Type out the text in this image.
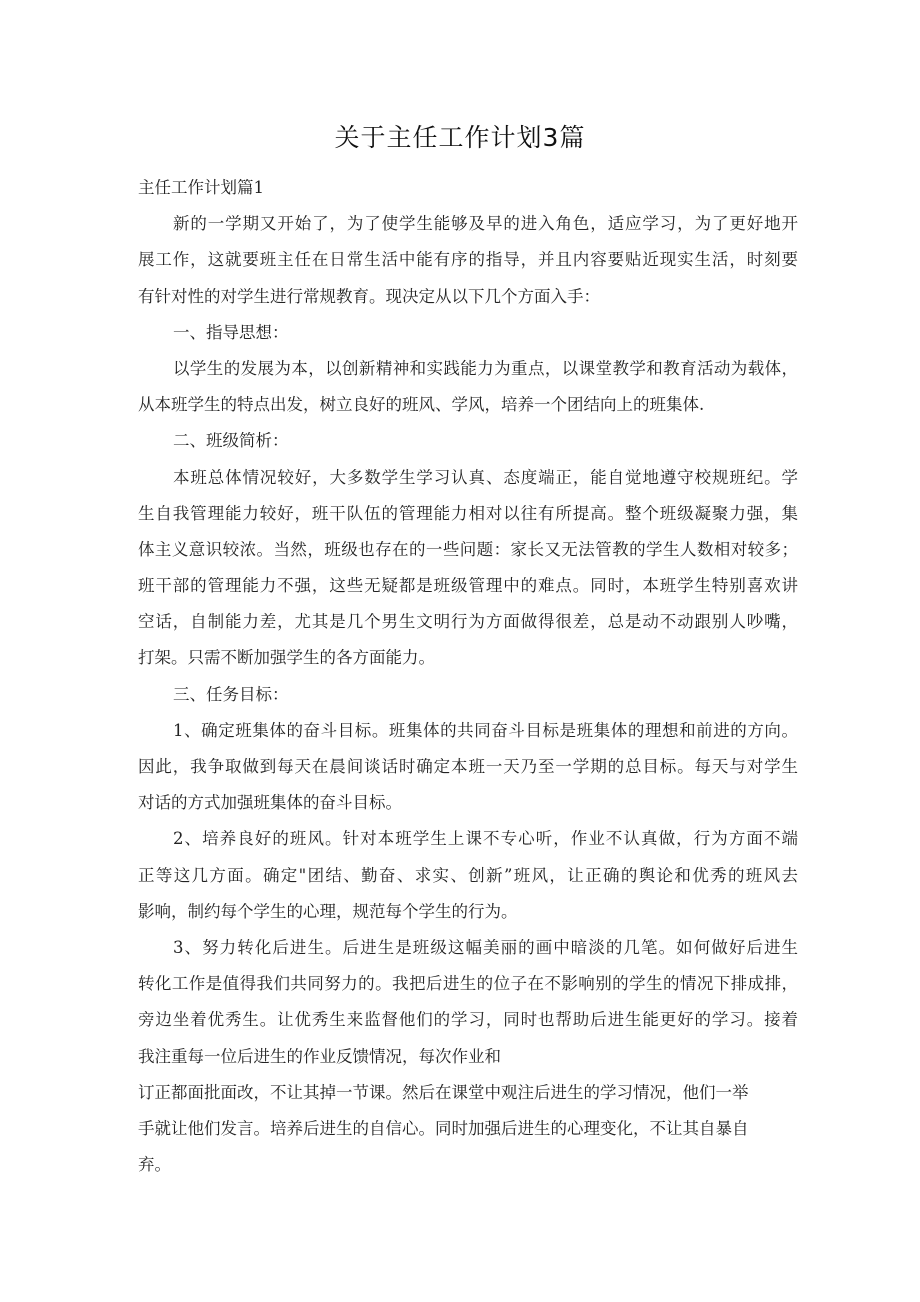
关于主任工作计划3篇
主任工作计划篇1
新的一学期又开始了，为了使学生能够及早的进入角色，适应学习，为了更好地开
展工作，这就要班主任在日常生活中能有序的指导，并且内容要贴近现实生活，时刻要
有针对性的对学生进行常规教育。现决定从以下几个方面入手：
一、指导思想：
以学生的发展为本，以创新精神和实践能力为重点，以课堂教学和教育活动为载体，
从本班学生的特点出发，树立良好的班风、学风，培养一个团结向上的班集体.
二、班级简析：
本班总体情况较好，大多数学生学习认真、态度端正，能自觉地遵守校规班纪。学
生自我管理能力较好，班干队伍的管理能力相对以往有所提高。整个班级凝聚力强，集
体主义意识较浓。当然，班级也存在的一些问题：家长又无法管教的学生人数相对较多；
班干部的管理能力不强，这些无疑都是班级管理中的难点。同时，本班学生特别喜欢讲
空话，自制能力差，尤其是几个男生文明行为方面做得很差，总是动不动跟别人吵嘴，
打架。只需不断加强学生的各方面能力。
三、任务目标：
1、确定班集体的奋斗目标。班集体的共同奋斗目标是班集体的理想和前进的方向。
因此，我争取做到每天在晨间谈话时确定本班一天乃至一学期的总目标。每天与对学生
对话的方式加强班集体的奋斗目标。
2、培养良好的班风。针对本班学生上课不专心听，作业不认真做，行为方面不端
正等这几方面。确定"团结、勤奋、求实、创新”班风，让正确的舆论和优秀的班风去
影响，制约每个学生的心理，规范每个学生的行为。
3、努力转化后进生。后进生是班级这幅美丽的画中暗淡的几笔。如何做好后进生
转化工作是值得我们共同努力的。我把后进生的位子在不影响别的学生的情况下排成排，
旁边坐着优秀生。让优秀生来监督他们的学习，同时也帮助后进生能更好的学习。接着
我注重每一位后进生的作业反馈情况，每次作业和
订正都面批面改，不让其掉一节课。然后在课堂中观注后进生的学习情况，他们一举
手就让他们发言。培养后进生的自信心。同时加强后进生的心理变化，不让其自暴自
弃。
